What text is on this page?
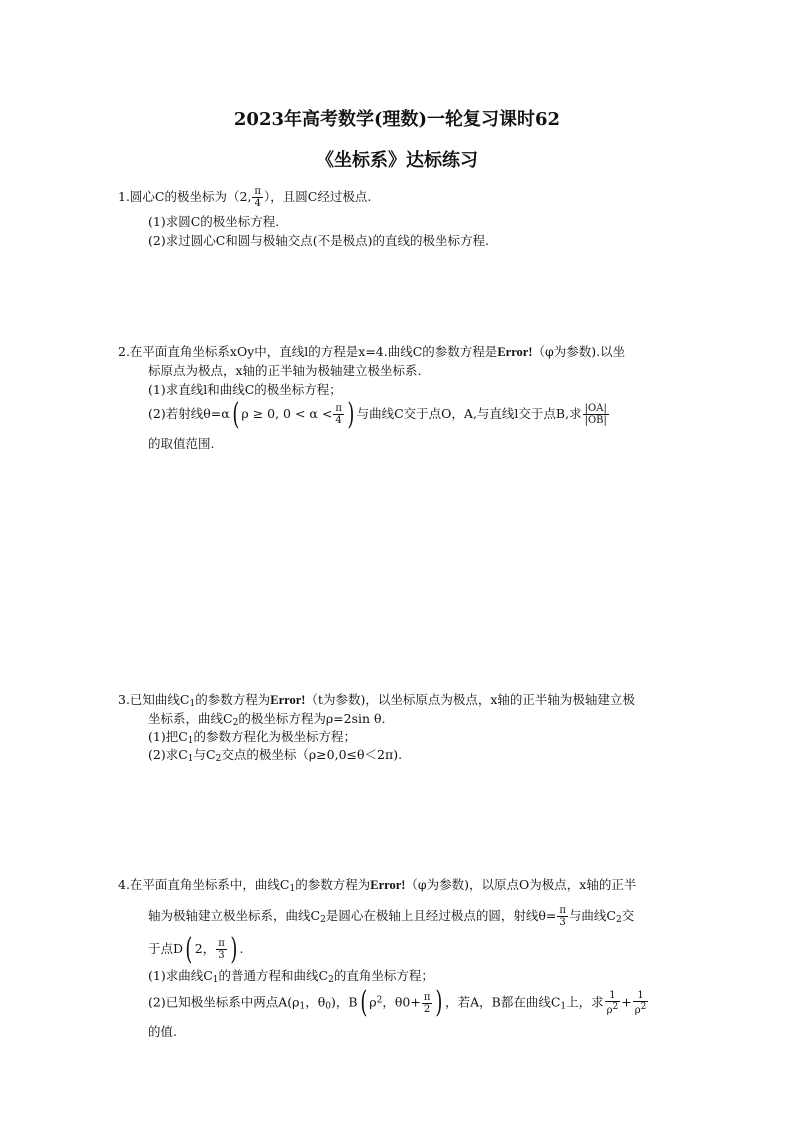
2023年高考数学(理数)一轮复习课时62
《坐标系》达标练习
1.圆心C的极坐标为（2, $\frac{\pi}{4}$ ），且圆C经过极点.
(1)求圆C的极坐标方程.
(2)求过圆心C和圆与极轴交点(不是极点)的直线的极坐标方程.
2.在平面直角坐标系xOy中，直线l的方程是x=4.曲线C的参数方程是Error!（φ为参数).以坐
标原点为极点，x轴的正半轴为极轴建立极坐标系.
(1)求直线l和曲线C的极坐标方程；
(2)若射线θ=α( ρ ≥ 0, $0 < \alpha < \frac{\pi}{4}$ ) 与曲线C交于点O，A,与直线l交于点B,求 $\frac{|OA|}{|OB|}$
的取值范围.
3.已知曲线$C_1$的参数方程为Error!（t为参数)，以坐标原点为极点，x轴的正半轴为极轴建立极
坐标系，曲线$C_2$的极坐标方程为ρ=2sin θ.
(1)把$C_1$的参数方程化为极坐标方程；
(2)求$C_1$与$C_2$交点的极坐标（ρ≥0,0≤θ＜2π).
4.在平面直角坐标系中，曲线$C_1$的参数方程为Error!（φ为参数)，以原点O为极点，x轴的正半
轴为极轴建立极坐标系，曲线$C_2$是圆心在极轴上且经过极点的圆，射线$\theta= \frac{\pi}{3}$ 与曲线$C_2$交
于点D( 2， $\frac{\pi}{3}$ ) .
(1)求曲线$C_1$的普通方程和曲线$C_2$的直角坐标方程；
(2)已知极坐标系中两点$A(\rho_1$，$\theta_0$)，B( $\rho^2$，$\theta 0+ \frac{\pi}{2}$ ) ，若A，B都在曲线$C_1$上，求 $\frac{1}{\rho 2} + \frac{1}{\rho 2}$
的值.
